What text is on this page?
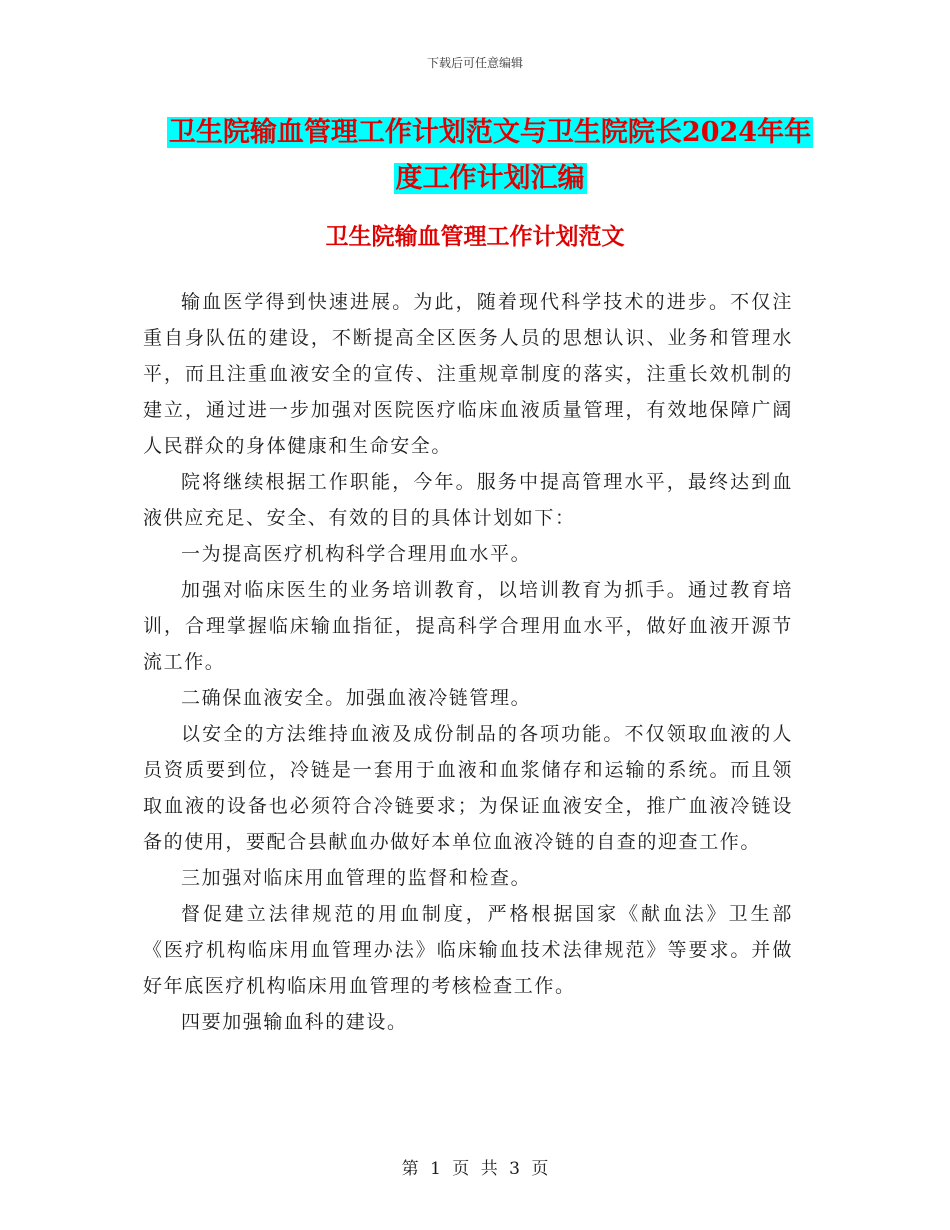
下载后可任意编辑
卫生院输血管理工作计划范文与卫生院院长2024年年
度工作计划汇编
卫生院输血管理工作计划范文

输血医学得到快速进展。为此，随着现代科学技术的进步。不仅注重自身队伍的建设，不断提高全区医务人员的思想认识、业务和管理水平，而且注重血液安全的宣传、注重规章制度的落实，注重长效机制的建立，通过进一步加强对医院医疗临床血液质量管理，有效地保障广阔人民群众的身体健康和生命安全。

院将继续根据工作职能，今年。服务中提高管理水平，最终达到血液供应充足、安全、有效的目的具体计划如下：

一为提高医疗机构科学合理用血水平。

加强对临床医生的业务培训教育，以培训教育为抓手。通过教育培训，合理掌握临床输血指征，提高科学合理用血水平，做好血液开源节流工作。

二确保血液安全。加强血液冷链管理。

以安全的方法维持血液及成份制品的各项功能。不仅领取血液的人员资质要到位，冷链是一套用于血液和血浆储存和运输的系统。而且领取血液的设备也必须符合冷链要求；为保证血液安全，推广血液冷链设备的使用，要配合县献血办做好本单位血液冷链的自查的迎查工作。

三加强对临床用血管理的监督和检查。

督促建立法律规范的用血制度，严格根据国家《献血法》卫生部《医疗机构临床用血管理办法》临床输血技术法律规范》等要求。并做好年底医疗机构临床用血管理的考核检查工作。

四要加强输血科的建设。

第 1 页 共 3 页
